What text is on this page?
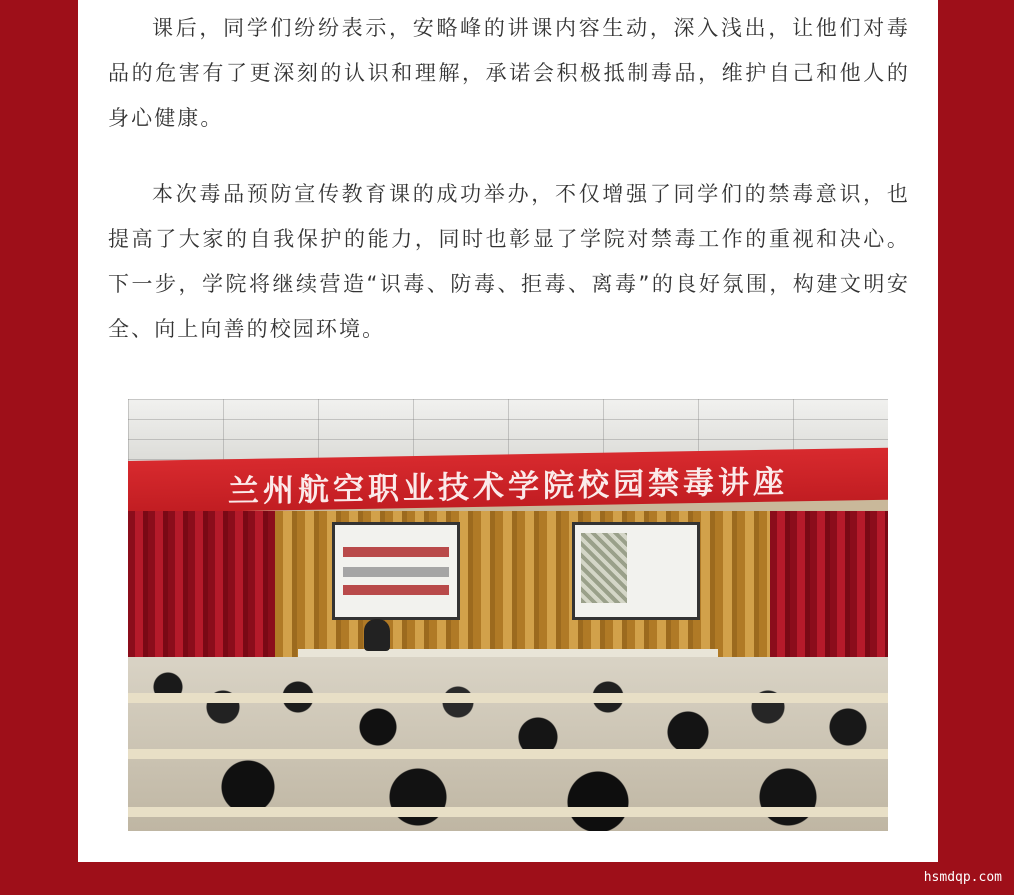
课后，同学们纷纷表示，安略峰的讲课内容生动，深入浅出，让他们对毒品的危害有了更深刻的认识和理解，承诺会积极抵制毒品，维护自己和他人的身心健康。

本次毒品预防宣传教育课的成功举办，不仅增强了同学们的禁毒意识，也提高了大家的自我保护的能力，同时也彰显了学院对禁毒工作的重视和决心。下一步，学院将继续营造“识毒、防毒、拒毒、离毒”的良好氛围，构建文明安全、向上向善的校园环境。

兰州航空职业技术学院校园禁毒讲座
hsmdqp.com
